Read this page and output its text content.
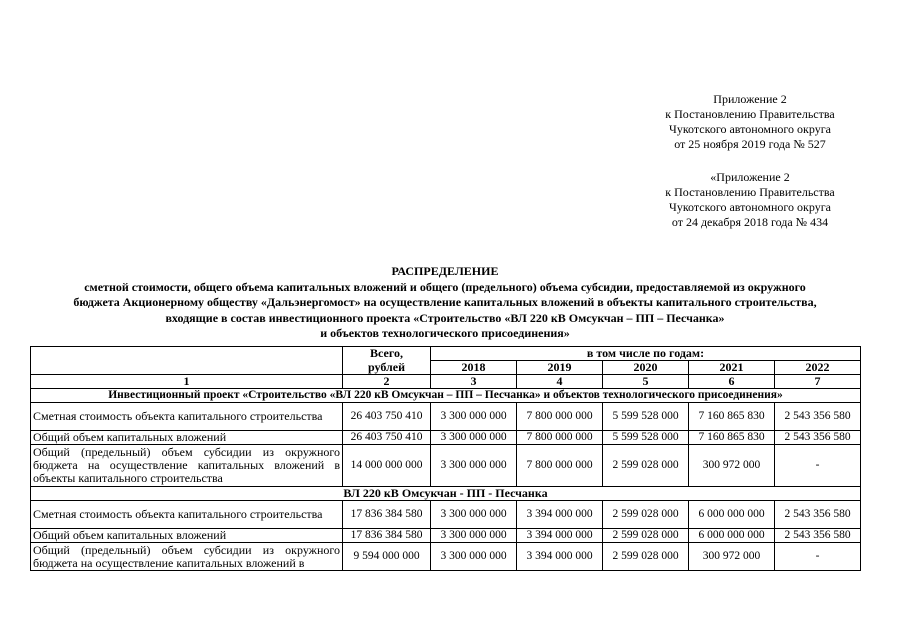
Приложение 2
к Постановлению Правительства
Чукотского автономного округа
от 25 ноября 2019 года № 527
«Приложение 2
к Постановлению Правительства
Чукотского автономного округа
от 24 декабря 2018 года № 434
РАСПРЕДЕЛЕНИЕ
сметной стоимости, общего объема капитальных вложений и общего (предельного) объема субсидии, предоставляемой из окружного
бюджета Акционерному обществу «Дальэнергомост» на осуществление капитальных вложений в объекты капитального строительства,
входящие в состав инвестиционного проекта «Строительство «ВЛ 220 кВ Омсукчан – ПП – Песчанка»
и объектов технологического присоединения»
	Всего,	в том числе по годам:				
	рублей	2018	2019	2020	2021	2022
1	2	3	4	5	6	7
Инвестиционный проект «Строительство «ВЛ 220 кВ Омсукчан – ПП – Песчанка» и объектов технологического присоединения»						
Сметная стоимость объекта капитального строительства	26 403 750 410	3 300 000 000	7 800 000 000	5 599 528 000	7 160 865 830	2 543 356 580
Общий объем капитальных вложений	26 403 750 410	3 300 000 000	7 800 000 000	5 599 528 000	7 160 865 830	2 543 356 580
Общий (предельный) объем субсидии из окружного бюджета на осуществление капитальных вложений в объекты капитального строительства	14 000 000 000	3 300 000 000	7 800 000 000	2 599 028 000	300 972 000	-
ВЛ 220 кВ Омсукчан - ПП - Песчанка						
Сметная стоимость объекта капитального строительства	17 836 384 580	3 300 000 000	3 394 000 000	2 599 028 000	6 000 000 000	2 543 356 580
Общий объем капитальных вложений	17 836 384 580	3 300 000 000	3 394 000 000	2 599 028 000	6 000 000 000	2 543 356 580
Общий (предельный) объем субсидии из окружного бюджета на осуществление капитальных вложений в	9 594 000 000	3 300 000 000	3 394 000 000	2 599 028 000	300 972 000	-
